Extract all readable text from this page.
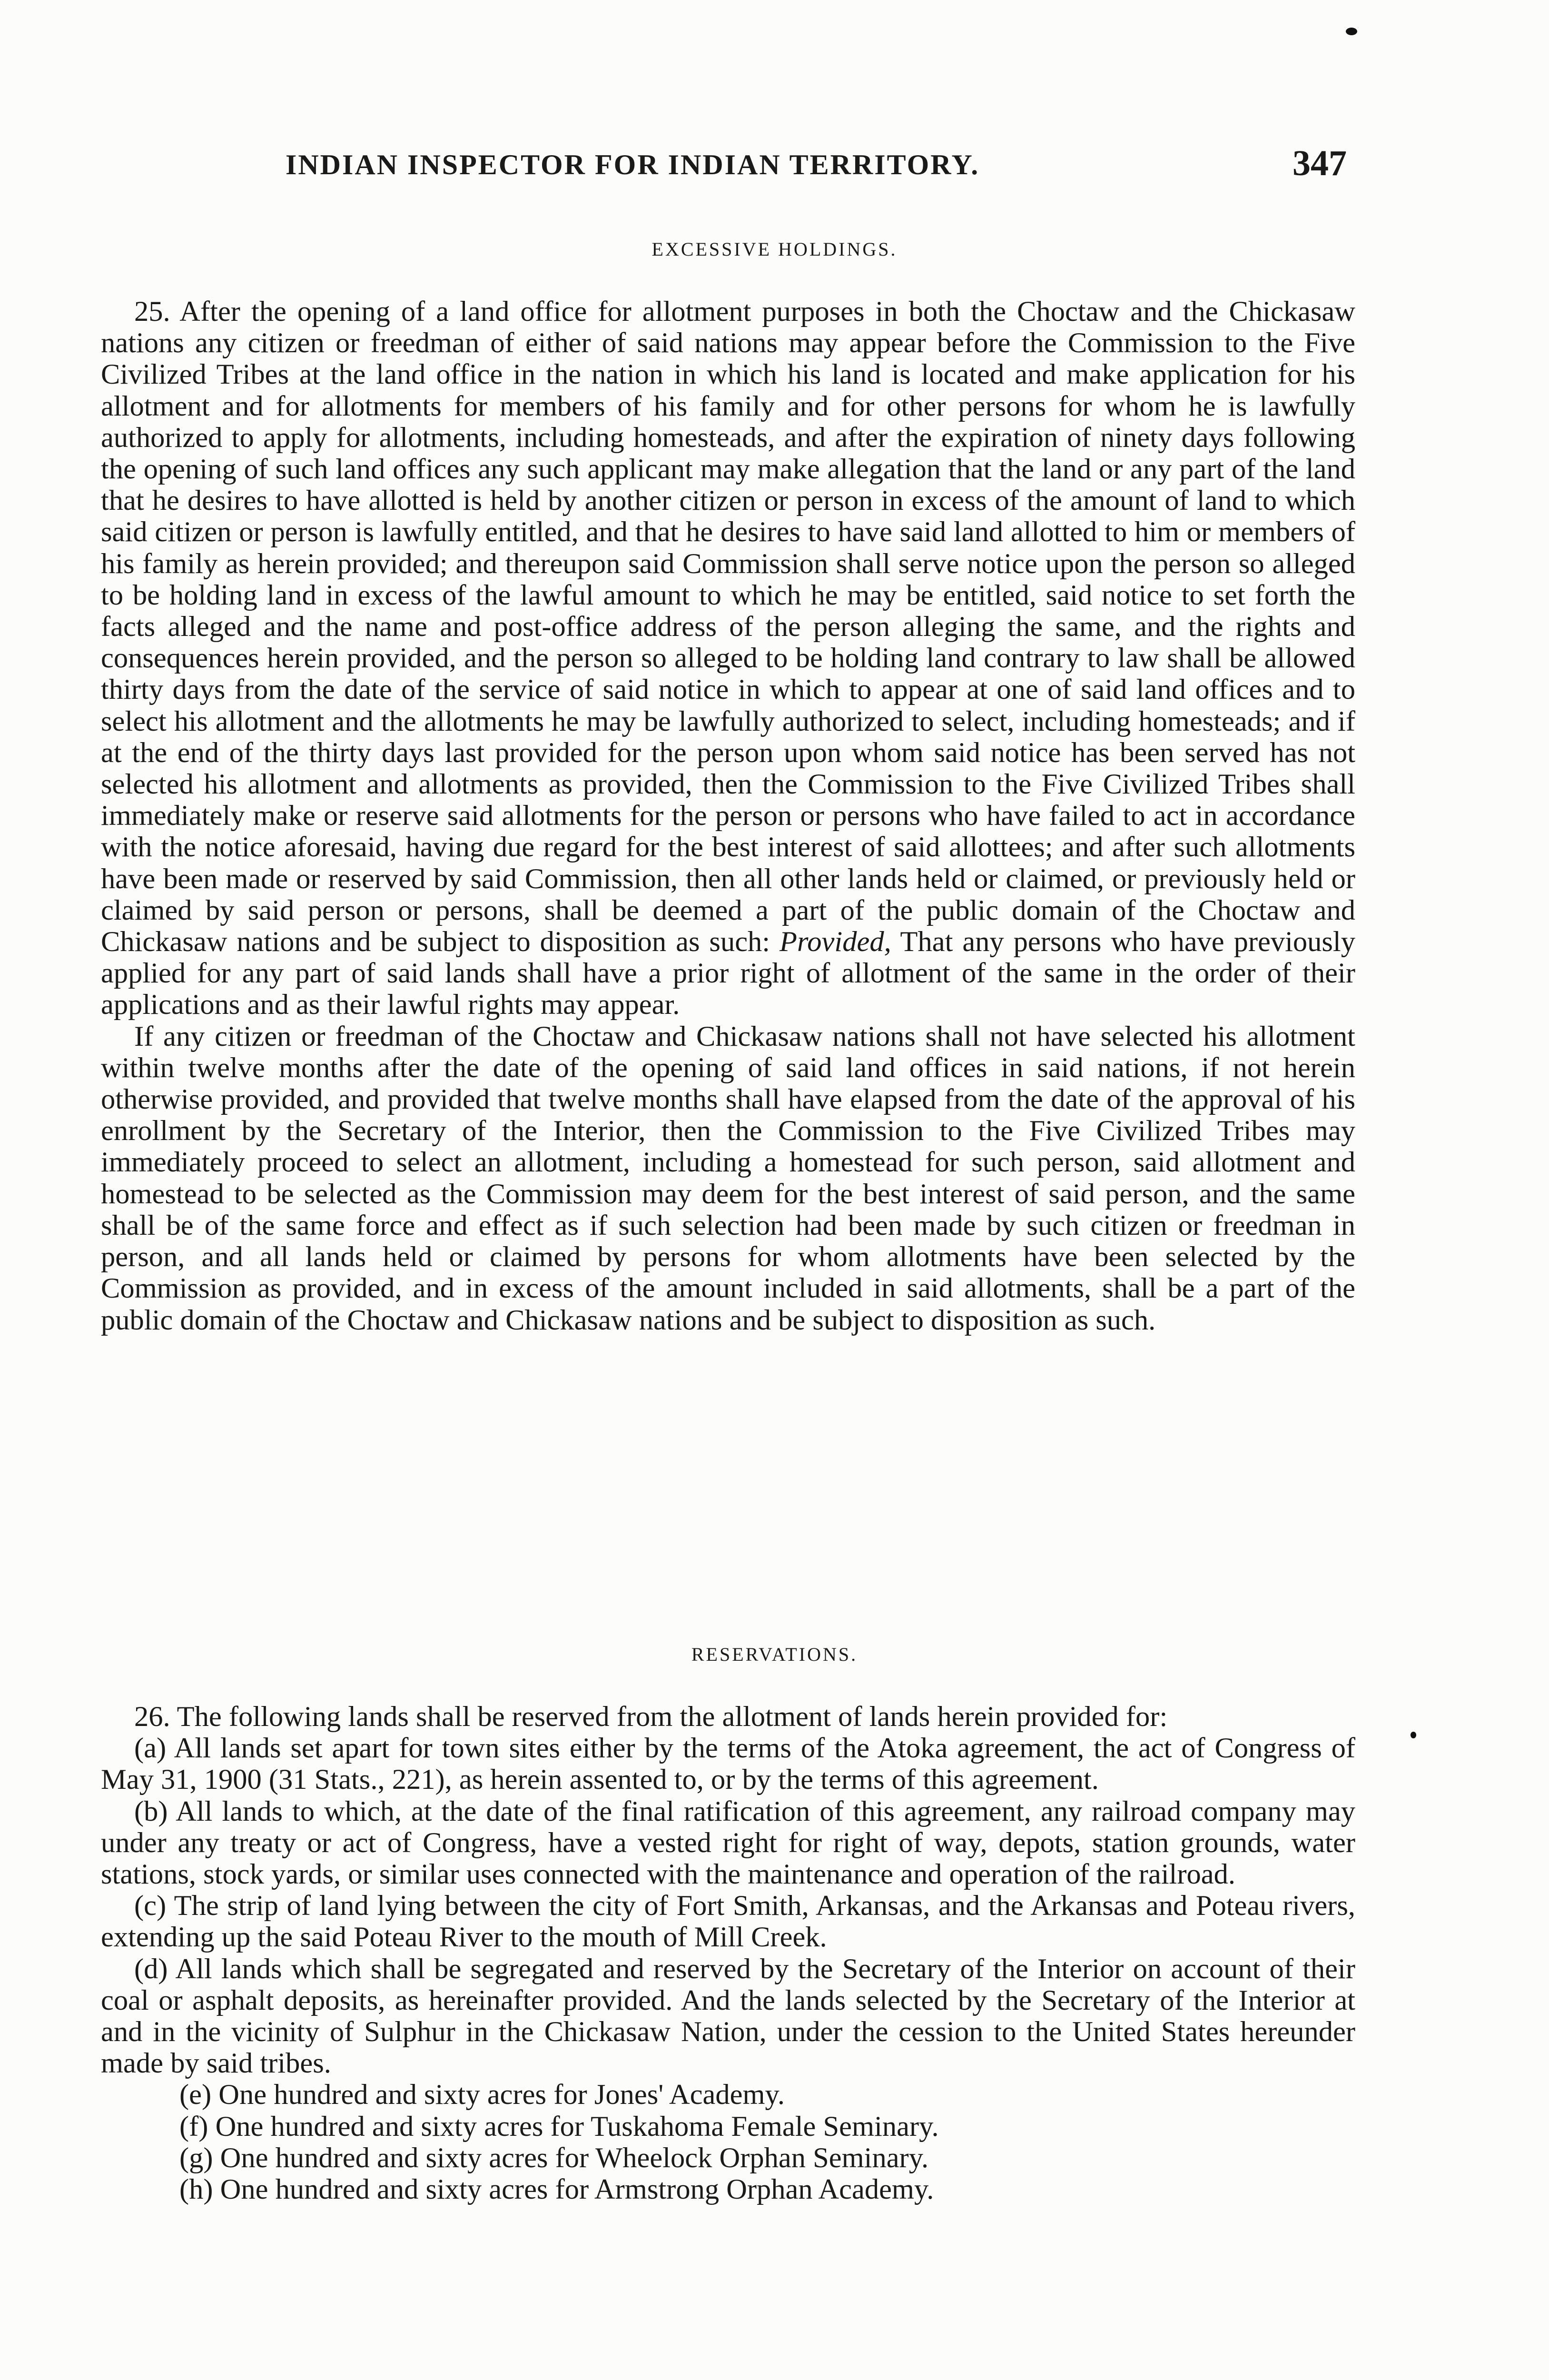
INDIAN INSPECTOR FOR INDIAN TERRITORY.	347
EXCESSIVE HOLDINGS.

25. After the opening of a land office for allotment purposes in both the Choctaw and the Chickasaw nations any citizen or freedman of either of said nations may appear before the Commission to the Five Civilized Tribes at the land office in the nation in which his land is located and make application for his allotment and for allotments for members of his family and for other persons for whom he is lawfully authorized to apply for allotments, including homesteads, and after the expiration of ninety days following the opening of such land offices any such applicant may make allegation that the land or any part of the land that he desires to have allotted is held by another citizen or person in excess of the amount of land to which said citizen or person is lawfully entitled, and that he desires to have said land allotted to him or members of his family as herein provided; and thereupon said Commission shall serve notice upon the person so alleged to be holding land in excess of the lawful amount to which he may be entitled, said notice to set forth the facts alleged and the name and post-office address of the person alleging the same, and the rights and consequences herein provided, and the person so alleged to be holding land contrary to law shall be allowed thirty days from the date of the service of said notice in which to appear at one of said land offices and to select his allotment and the allotments he may be lawfully authorized to select, including homesteads; and if at the end of the thirty days last provided for the person upon whom said notice has been served has not selected his allotment and allotments as provided, then the Commission to the Five Civilized Tribes shall immediately make or reserve said allotments for the person or persons who have failed to act in accordance with the notice aforesaid, having due regard for the best interest of said allottees; and after such allotments have been made or reserved by said Commission, then all other lands held or claimed, or previously held or claimed by said person or persons, shall be deemed a part of the public domain of the Choctaw and Chickasaw nations and be subject to disposition as such: Provided, That any persons who have previously applied for any part of said lands shall have a prior right of allotment of the same in the order of their applications and as their lawful rights may appear.

If any citizen or freedman of the Choctaw and Chickasaw nations shall not have selected his allotment within twelve months after the date of the opening of said land offices in said nations, if not herein otherwise provided, and provided that twelve months shall have elapsed from the date of the approval of his enrollment by the Secretary of the Interior, then the Commission to the Five Civilized Tribes may immediately proceed to select an allotment, including a homestead for such person, said allotment and homestead to be selected as the Commission may deem for the best interest of said person, and the same shall be of the same force and effect as if such selection had been made by such citizen or freedman in person, and all lands held or claimed by persons for whom allotments have been selected by the Commission as provided, and in excess of the amount included in said allotments, shall be a part of the public domain of the Choctaw and Chickasaw nations and be subject to disposition as such.

RESERVATIONS.

26. The following lands shall be reserved from the allotment of lands herein provided for:

(a) All lands set apart for town sites either by the terms of the Atoka agreement, the act of Congress of May 31, 1900 (31 Stats., 221), as herein assented to, or by the terms of this agreement.

(b) All lands to which, at the date of the final ratification of this agreement, any railroad company may under any treaty or act of Congress, have a vested right for right of way, depots, station grounds, water stations, stock yards, or similar uses connected with the maintenance and operation of the railroad.

(c) The strip of land lying between the city of Fort Smith, Arkansas, and the Arkansas and Poteau rivers, extending up the said Poteau River to the mouth of Mill Creek.

(d) All lands which shall be segregated and reserved by the Secretary of the Interior on account of their coal or asphalt deposits, as hereinafter provided. And the lands selected by the Secretary of the Interior at and in the vicinity of Sulphur in the Chickasaw Nation, under the cession to the United States hereunder made by said tribes.

(e) One hundred and sixty acres for Jones' Academy.

(f) One hundred and sixty acres for Tuskahoma Female Seminary.

(g) One hundred and sixty acres for Wheelock Orphan Seminary.

(h) One hundred and sixty acres for Armstrong Orphan Academy.
